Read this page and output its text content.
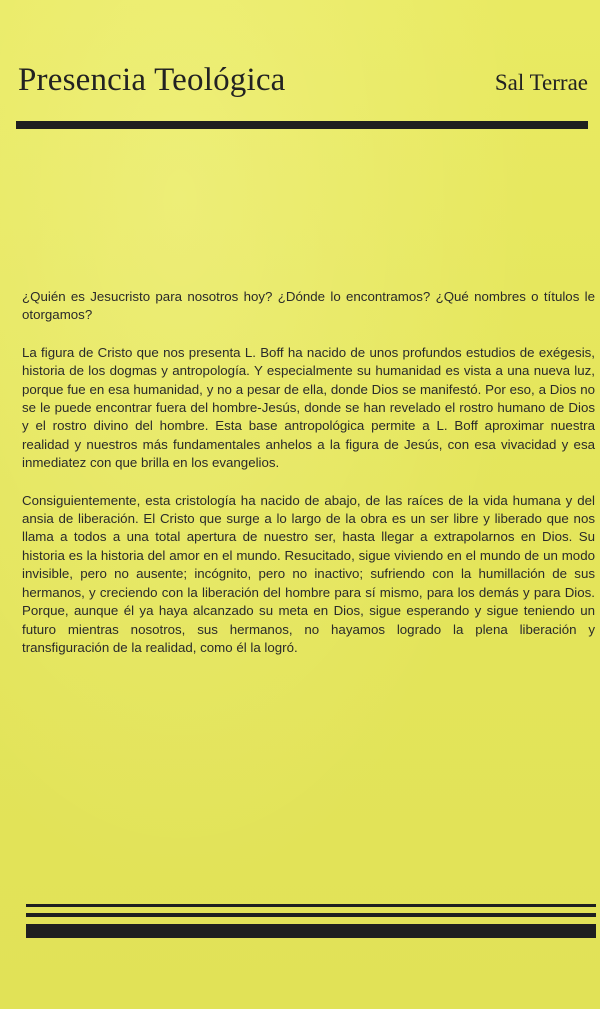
Presencia Teológica	Sal Terrae

¿Quién es Jesucristo para nosotros hoy? ¿Dónde lo encontramos? ¿Qué nombres o títulos le otorgamos?

La figura de Cristo que nos presenta L. Boff ha nacido de unos profundos estudios de exégesis, historia de los dogmas y antropología. Y especialmente su humanidad es vista a una nueva luz, porque fue en esa humanidad, y no a pesar de ella, donde Dios se manifestó. Por eso, a Dios no se le puede encontrar fuera del hombre-Jesús, donde se han revelado el rostro humano de Dios y el rostro divino del hombre. Esta base antropológica permite a L. Boff aproximar nuestra realidad y nuestros más fundamentales anhelos a la figura de Jesús, con esa vivacidad y esa inmediatez con que brilla en los evangelios.

Consiguientemente, esta cristología ha nacido de abajo, de las raíces de la vida humana y del ansia de liberación. El Cristo que surge a lo largo de la obra es un ser libre y liberado que nos llama a todos a una total apertura de nuestro ser, hasta llegar a extrapolarnos en Dios. Su historia es la historia del amor en el mundo. Resucitado, sigue viviendo en el mundo de un modo invisible, pero no ausente; incógnito, pero no inactivo; sufriendo con la humillación de sus hermanos, y creciendo con la liberación del hombre para sí mismo, para los demás y para Dios. Porque, aunque él ya haya alcanzado su meta en Dios, sigue esperando y sigue teniendo un futuro mientras nosotros, sus hermanos, no hayamos logrado la plena liberación y transfiguración de la realidad, como él la logró.
